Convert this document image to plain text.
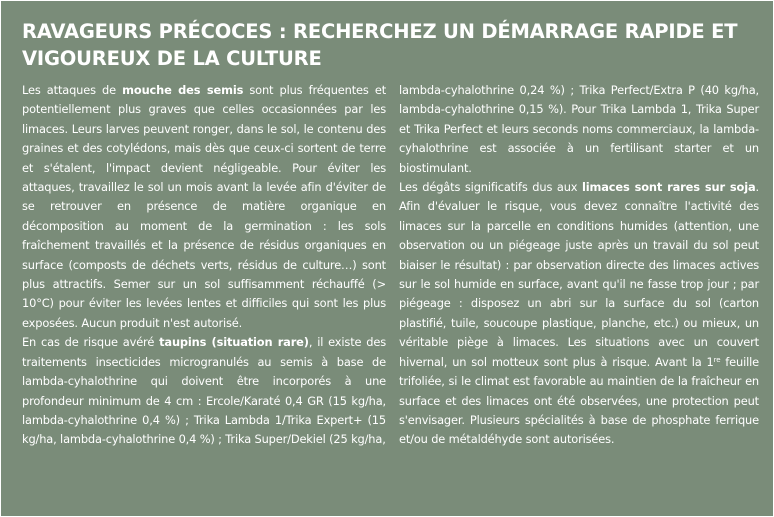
RAVAGEURS PRÉCOCES : RECHERCHEZ UN DÉMARRAGE RAPIDE ET VIGOUREUX DE LA CULTURE

Les attaques de mouche des semis sont plus fréquentes et potentiellement plus graves que celles occasionnées par les limaces. Leurs larves peuvent ronger, dans le sol, le contenu des graines et des cotylédons, mais dès que ceux-ci sortent de terre et s'étalent, l'impact devient négligeable. Pour éviter les attaques, travaillez le sol un mois avant la levée afin d'éviter de se retrouver en présence de matière organique en décomposition au moment de la germination : les sols fraîchement travaillés et la présence de résidus organiques en surface (composts de déchets verts, résidus de culture…) sont plus attractifs. Semer sur un sol suffisamment réchauffé (> 10°C) pour éviter les levées lentes et difficiles qui sont les plus exposées. Aucun produit n'est autorisé.

En cas de risque avéré taupins (situation rare), il existe des traitements insecticides microgranulés au semis à base de lambda-cyhalothrine qui doivent être incorporés à une profondeur minimum de 4 cm : Ercole/Karaté 0,4 GR (15 kg/ha, lambda-cyhalothrine 0,4 %) ; Trika Lambda 1/Trika Expert+ (15 kg/ha, lambda-cyhalothrine 0,4 %) ; Trika Super/Dekiel (25 kg/ha,

lambda-cyhalothrine 0,24 %) ; Trika Perfect/Extra P (40 kg/ha, lambda-cyhalothrine 0,15 %). Pour Trika Lambda 1, Trika Super et Trika Perfect et leurs seconds noms commerciaux, la lambda-cyhalothrine est associée à un fertilisant starter et un biostimulant.

Les dégâts significatifs dus aux limaces sont rares sur soja. Afin d'évaluer le risque, vous devez connaître l'activité des limaces sur la parcelle en conditions humides (attention, une observation ou un piégeage juste après un travail du sol peut biaiser le résultat) : par observation directe des limaces actives sur le sol humide en surface, avant qu'il ne fasse trop jour ; par piégeage : disposez un abri sur la surface du sol (carton plastifié, tuile, soucoupe plastique, planche, etc.) ou mieux, un véritable piège à limaces. Les situations avec un couvert hivernal, un sol motteux sont plus à risque. Avant la 1re feuille trifoliée, si le climat est favorable au maintien de la fraîcheur en surface et des limaces ont été observées, une protection peut s'envisager. Plusieurs spécialités à base de phosphate ferrique et/ou de métaldéhyde sont autorisées.
